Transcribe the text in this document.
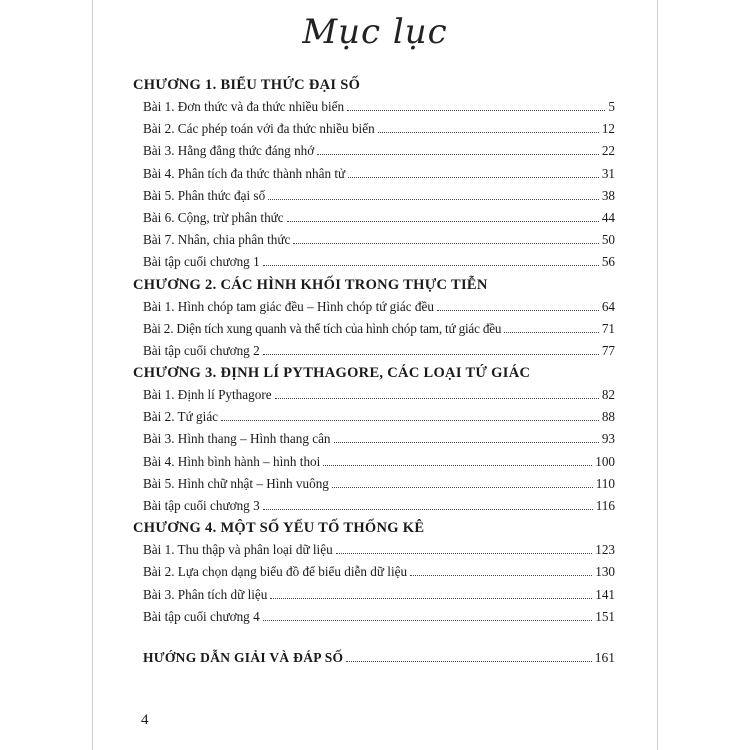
Mục lục
CHƯƠNG 1. BIỂU THỨC ĐẠI SỐ
Bài 1. Đơn thức và đa thức nhiều biến	5
Bài 2. Các phép toán với đa thức nhiều biến	12
Bài 3. Hằng đẳng thức đáng nhớ	22
Bài 4. Phân tích đa thức thành nhân tử	31
Bài 5. Phân thức đại số	38
Bài 6. Cộng, trừ phân thức	44
Bài 7. Nhân, chia phân thức	50
Bài tập cuối chương 1	56
CHƯƠNG 2. CÁC HÌNH KHỐI TRONG THỰC TIỄN
Bài 1. Hình chóp tam giác đều – Hình chóp tứ giác đều	64
Bài 2. Diện tích xung quanh và thể tích của hình chóp tam, tứ giác đều	71
Bài tập cuối chương 2	77
CHƯƠNG 3. ĐỊNH LÍ PYTHAGORE, CÁC LOẠI TỨ GIÁC
Bài 1. Định lí Pythagore	82
Bài 2. Tứ giác	88
Bài 3. Hình thang – Hình thang cân	93
Bài 4. Hình bình hành – hình thoi	100
Bài 5. Hình chữ nhật – Hình vuông	110
Bài tập cuối chương 3	116
CHƯƠNG 4. MỘT SỐ YẾU TỐ THỐNG KÊ
Bài 1. Thu thập và phân loại dữ liệu	123
Bài 2. Lựa chọn dạng biểu đồ để biểu diễn dữ liệu	130
Bài 3. Phân tích dữ liệu	141
Bài tập cuối chương 4	151
HƯỚNG DẪN GIẢI VÀ ĐÁP SỐ	161
4
